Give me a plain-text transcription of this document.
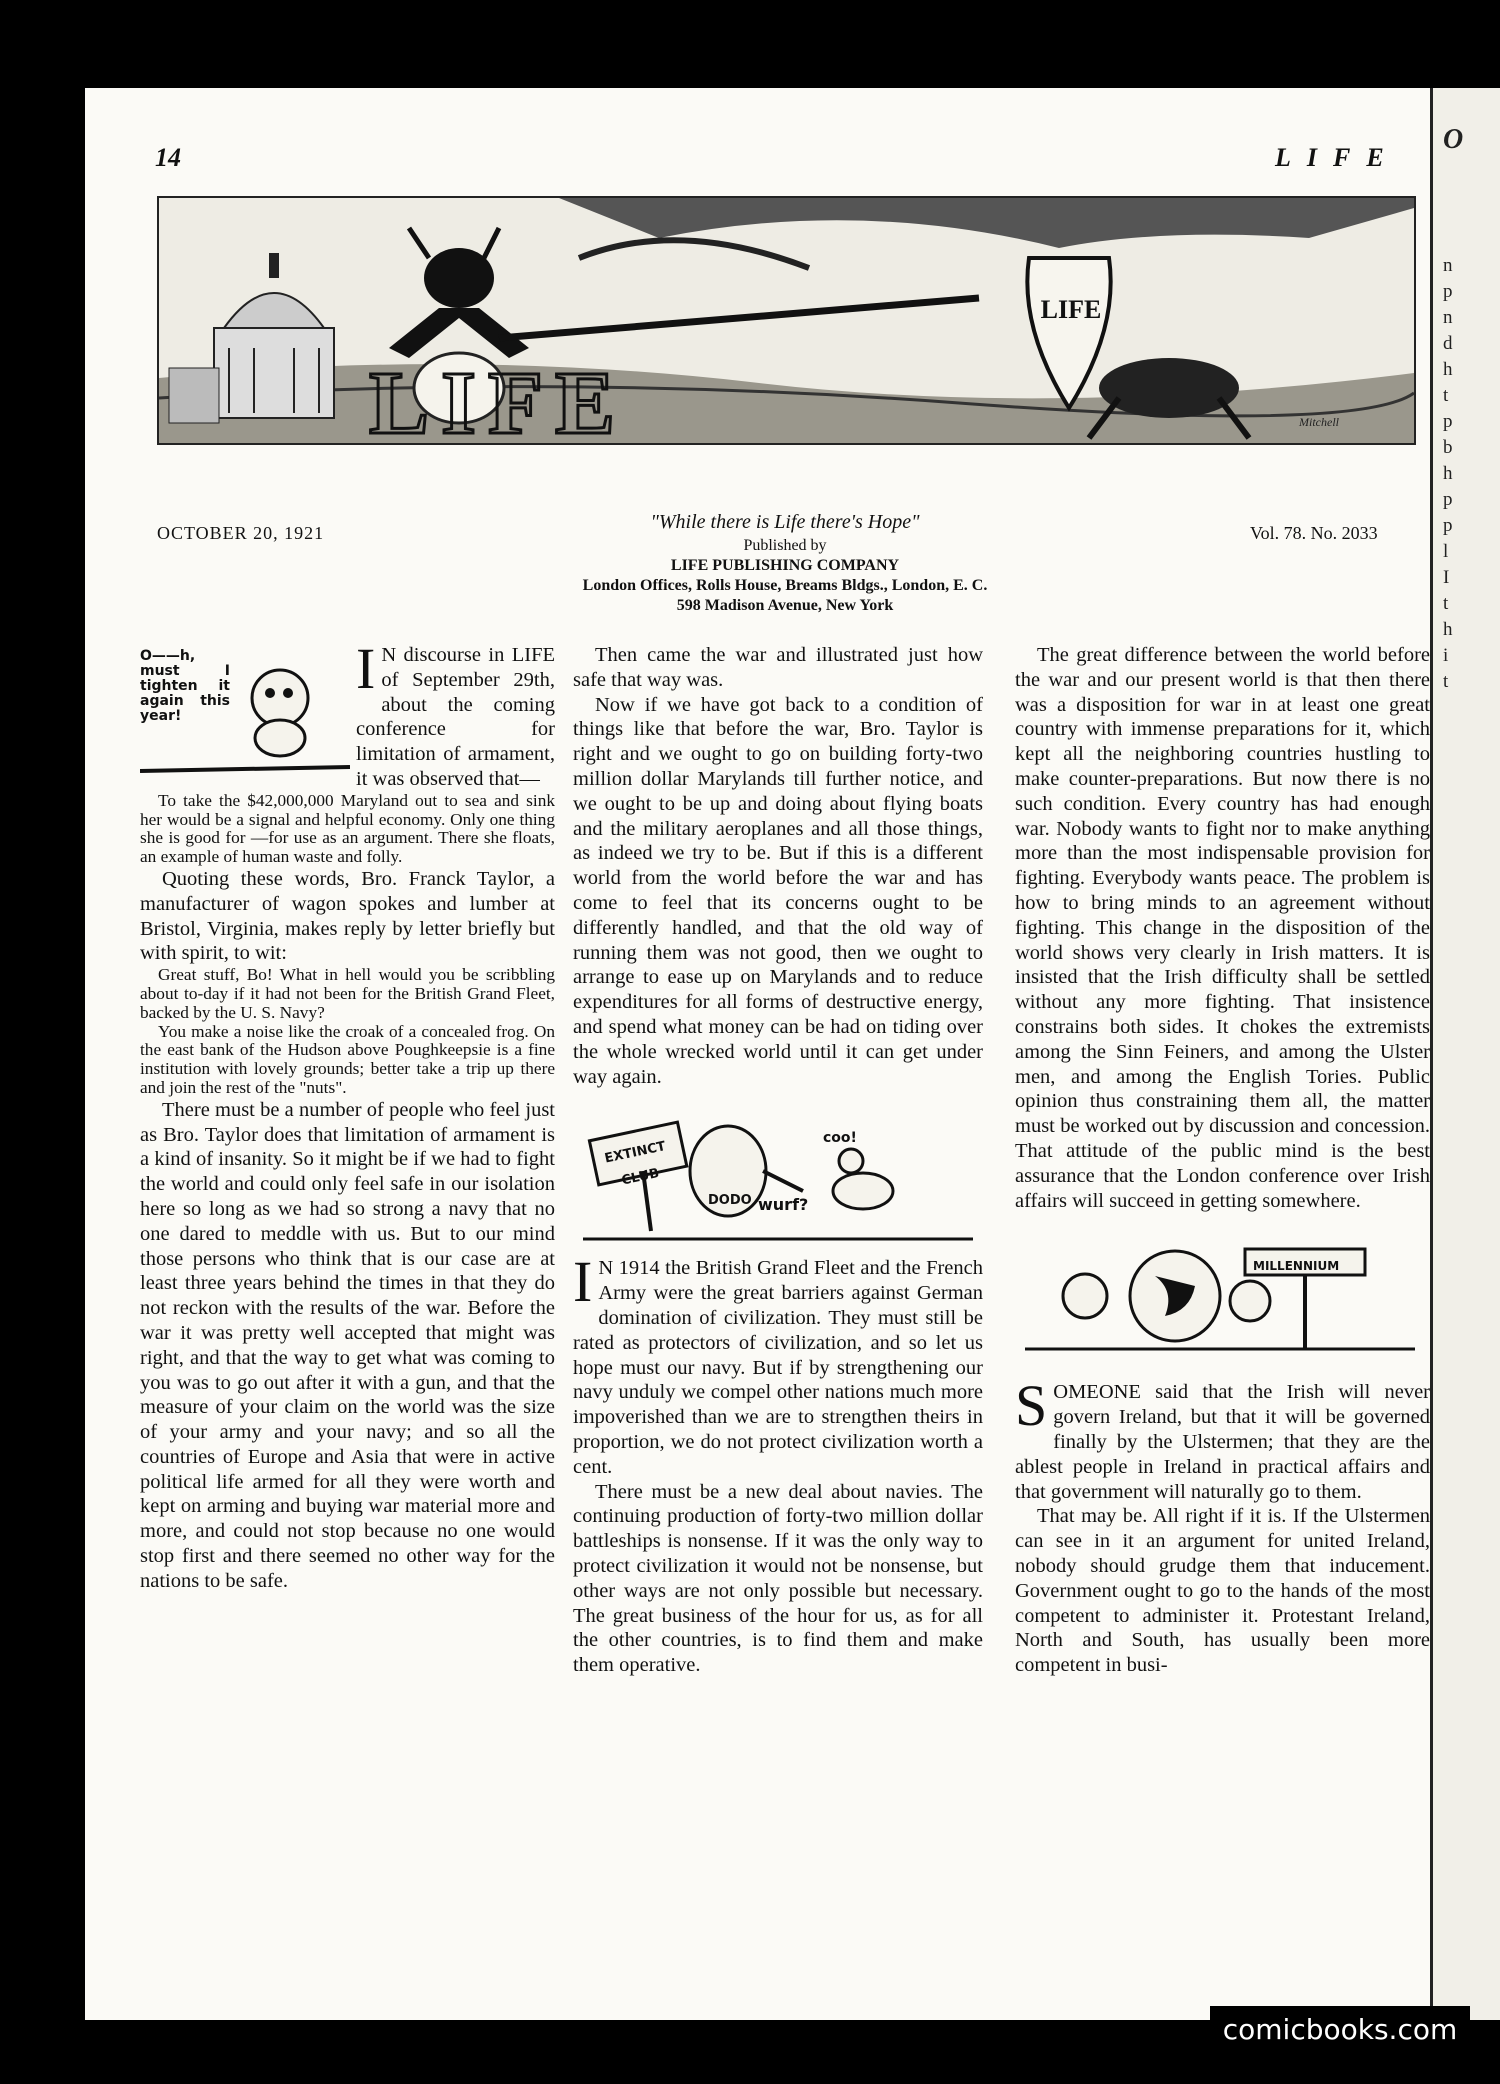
14	LIFE
LIFE
LIFE	Mitchell
OCTOBER 20, 1921	Vol. 78. No. 2033
"While there is Life there's Hope"
Published by
LIFE PUBLISHING COMPANY
London Offices, Rolls House, Breams Bldgs., London, E. C.
598 Madison Avenue, New York
O——h, must I tighten it again this year!

I N discourse in LIFE of September 29th, about the coming conference for limitation of armament, it was observed that—

To take the $42,000,000 Maryland out to sea and sink her would be a signal and helpful economy. Only one thing she is good for —for use as an argument. There she floats, an example of human waste and folly.

Quoting these words, Bro. Franck Taylor, a manufacturer of wagon spokes and lumber at Bristol, Virginia, makes reply by letter briefly but with spirit, to wit:

Great stuff, Bo! What in hell would you be scribbling about to-day if it had not been for the British Grand Fleet, backed by the U. S. Navy?

You make a noise like the croak of a concealed frog. On the east bank of the Hudson above Poughkeepsie is a fine institution with lovely grounds; better take a trip up there and join the rest of the "nuts".

There must be a number of people who feel just as Bro. Taylor does that limitation of armament is a kind of insanity. So it might be if we had to fight the world and could only feel safe in our isolation here so long as we had so strong a navy that no one dared to meddle with us. But to our mind those persons who think that is our case are at least three years behind the times in that they do not reckon with the results of the war. Before the war it was pretty well accepted that might was right, and that the way to get what was coming to you was to go out after it with a gun, and that the measure of your claim on the world was the size of your army and your navy; and so all the countries of Europe and Asia that were in active political life armed for all they were worth and kept on arming and buying war material more and more, and could not stop because no one would stop first and there seemed no other way for the nations to be safe.

Then came the war and illustrated just how safe that way was.

Now if we have got back to a condition of things like that before the war, Bro. Taylor is right and we ought to go on building forty-two million dollar Marylands till further notice, and we ought to be up and doing about flying boats and the military aeroplanes and all those things, as indeed we try to be. But if this is a different world from the world before the war and has come to feel that its concerns ought to be differently handled, and that the old way of running them was not good, then we ought to arrange to ease up on Marylands and to reduce expenditures for all forms of destructive energy, and spend what money can be had on tiding over the whole wrecked world until it can get under way again.

EXTINCT CLUB
DODO wurf?
coo!

I N 1914 the British Grand Fleet and the French Army were the great barriers against German domination of civilization. They must still be rated as protectors of civilization, and so let us hope must our navy. But if by strengthening our navy unduly we compel other nations much more impoverished than we are to strengthen theirs in proportion, we do not protect civilization worth a cent.

There must be a new deal about navies. The continuing production of forty-two million dollar battleships is nonsense. If it was the only way to protect civilization it would not be nonsense, but other ways are not only possible but necessary. The great business of the hour for us, as for all the other countries, is to find them and make them operative.

The great difference between the world before the war and our present world is that then there was a disposition for war in at least one great country with immense preparations for it, which kept all the neighboring countries hustling to make counter-preparations. But now there is no such condition. Every country has had enough war. Nobody wants to fight nor to make anything more than the most indispensable provision for fighting. Everybody wants peace. The problem is how to bring minds to an agreement without fighting. This change in the disposition of the world shows very clearly in Irish matters. It is insisted that the Irish difficulty shall be settled without any more fighting. That insistence constrains both sides. It chokes the extremists among the Sinn Feiners, and among the Ulster men, and among the English Tories. Public opinion thus constraining them all, the matter must be worked out by discussion and concession. That attitude of the public mind is the best assurance that the London conference over Irish affairs will succeed in getting somewhere.

MILLENNIUM

SOMEONE said that the Irish will never govern Ireland, but that it will be governed finally by the Ulstermen; that they are the ablest people in Ireland in practical affairs and that government will naturally go to them.

That may be. All right if it is. If the Ulstermen can see in it an argument for united Ireland, nobody should grudge them that inducement. Government ought to go to the hands of the most competent to administer it. Protestant Ireland, North and South, has usually been more competent in busi-

O
n
p
n
d
h
t
p
b
h
p
p
l
I
t
h
i
t
comicbooks.com
